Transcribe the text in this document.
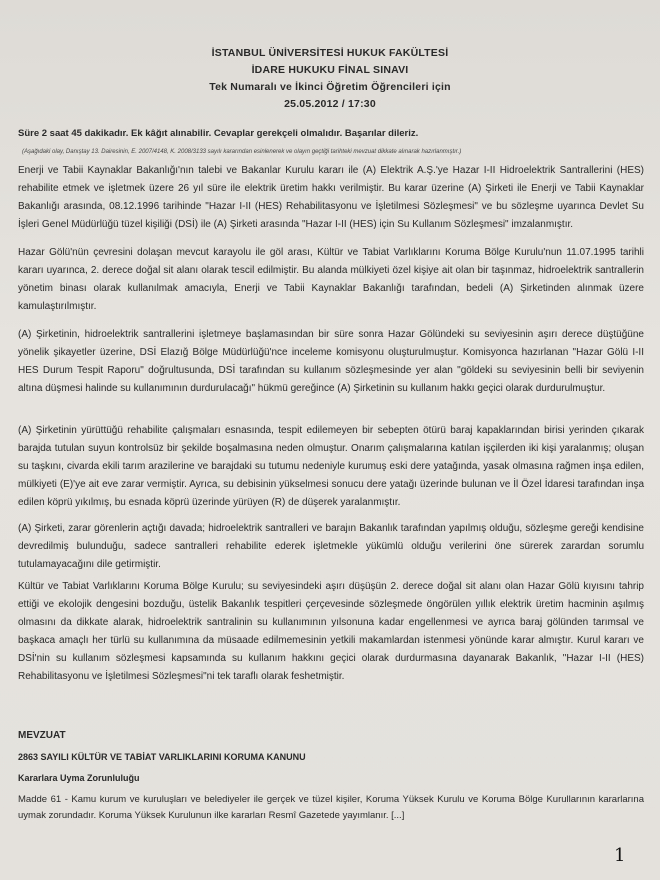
İSTANBUL ÜNİVERSİTESİ HUKUK FAKÜLTESİ
İDARE HUKUKU FİNAL SINAVI
Tek Numaralı ve İkinci Öğretim Öğrencileri için
25.05.2012 / 17:30
Süre 2 saat 45 dakikadır. Ek kâğıt alınabilir. Cevaplar gerekçeli olmalıdır. Başarılar dileriz.
(Aşağıdaki olay, Danıştay 13. Dairesinin, E. 2007/4148, K. 2008/3133 sayılı kararından esinlenerek ve olayın geçtiği tarihteki mevzuat dikkate alınarak hazırlanmıştır.)
Enerji ve Tabii Kaynaklar Bakanlığı'nın talebi ve Bakanlar Kurulu kararı ile (A) Elektrik A.Ş.'ye Hazar I-II Hidroelektrik Santrallerini (HES) rehabilite etmek ve işletmek üzere 26 yıl süre ile elektrik üretim hakkı verilmiştir. Bu karar üzerine (A) Şirketi ile Enerji ve Tabii Kaynaklar Bakanlığı arasında, 08.12.1996 tarihinde "Hazar I-II (HES) Rehabilitasyonu ve İşletilmesi Sözleşmesi" ve bu sözleşme uyarınca Devlet Su İşleri Genel Müdürlüğü tüzel kişiliği (DSİ) ile (A) Şirketi arasında "Hazar I-II (HES) için Su Kullanım Sözleşmesi" imzalanmıştır.
Hazar Gölü'nün çevresini dolaşan mevcut karayolu ile göl arası, Kültür ve Tabiat Varlıklarını Koruma Bölge Kurulu'nun 11.07.1995 tarihli kararı uyarınca, 2. derece doğal sit alanı olarak tescil edilmiştir. Bu alanda mülkiyeti özel kişiye ait olan bir taşınmaz, hidroelektrik santrallerin yönetim binası olarak kullanılmak amacıyla, Enerji ve Tabii Kaynaklar Bakanlığı tarafından, bedeli (A) Şirketinden alınmak üzere kamulaştırılmıştır.
(A) Şirketinin, hidroelektrik santrallerini işletmeye başlamasından bir süre sonra Hazar Gölündeki su seviyesinin aşırı derece düştüğüne yönelik şikayetler üzerine, DSİ Elazığ Bölge Müdürlüğü'nce inceleme komisyonu oluşturulmuştur. Komisyonca hazırlanan "Hazar Gölü I-II HES Durum Tespit Raporu" doğrultusunda, DSİ tarafından su kullanım sözleşmesinde yer alan "göldeki su seviyesinin belli bir seviyenin altına düşmesi halinde su kullanımının durdurulacağı" hükmü gereğince (A) Şirketinin su kullanım hakkı geçici olarak durdurulmuştur.
(A) Şirketinin yürüttüğü rehabilite çalışmaları esnasında, tespit edilemeyen bir sebepten ötürü baraj kapaklarından birisi yerinden çıkarak barajda tutulan suyun kontrolsüz bir şekilde boşalmasına neden olmuştur. Onarım çalışmalarına katılan işçilerden iki kişi yaralanmış; oluşan su taşkını, civarda ekili tarım arazilerine ve barajdaki su tutumu nedeniyle kurumuş eski dere yatağında, yasak olmasına rağmen inşa edilen, mülkiyeti (E)'ye ait eve zarar vermiştir. Ayrıca, su debisinin yükselmesi sonucu dere yatağı üzerinde bulunan ve İl Özel İdaresi tarafından inşa edilen köprü yıkılmış, bu esnada köprü üzerinde yürüyen (R) de düşerek yaralanmıştır.
(A) Şirketi, zarar görenlerin açtığı davada; hidroelektrik santralleri ve barajın Bakanlık tarafından yapılmış olduğu, sözleşme gereği kendisine devredilmiş bulunduğu, sadece santralleri rehabilite ederek işletmekle yükümlü olduğu verilerini öne sürerek zarardan sorumlu tutulamayacağını dile getirmiştir.
Kültür ve Tabiat Varlıklarını Koruma Bölge Kurulu; su seviyesindeki aşırı düşüşün 2. derece doğal sit alanı olan Hazar Gölü kıyısını tahrip ettiği ve ekolojik dengesini bozduğu, üstelik Bakanlık tespitleri çerçevesinde sözleşmede öngörülen yıllık elektrik üretim hacminin aşılmış olmasını da dikkate alarak, hidroelektrik santralinin su kullanımının yılsonuna kadar engellenmesi ve ayrıca baraj gölünden tarımsal ve başkaca amaçlı her türlü su kullanımına da müsaade edilmemesinin yetkili makamlardan istenmesi yönünde karar almıştır. Kurul kararı ve DSİ'nin su kullanım sözleşmesi kapsamında su kullanım hakkını geçici olarak durdurmasına dayanarak Bakanlık, "Hazar I-II (HES) Rehabilitasyonu ve İşletilmesi Sözleşmesi"ni tek taraflı olarak feshetmiştir.
MEVZUAT
2863 SAYILI KÜLTÜR VE TABİAT VARLIKLARINI KORUMA KANUNU
Kararlara Uyma Zorunluluğu
Madde 61 - Kamu kurum ve kuruluşları ve belediyeler ile gerçek ve tüzel kişiler, Koruma Yüksek Kurulu ve Koruma Bölge Kurullarının kararlarına uymak zorundadır. Koruma Yüksek Kurulunun ilke kararları Resmî Gazetede yayımlanır. [...]
1
